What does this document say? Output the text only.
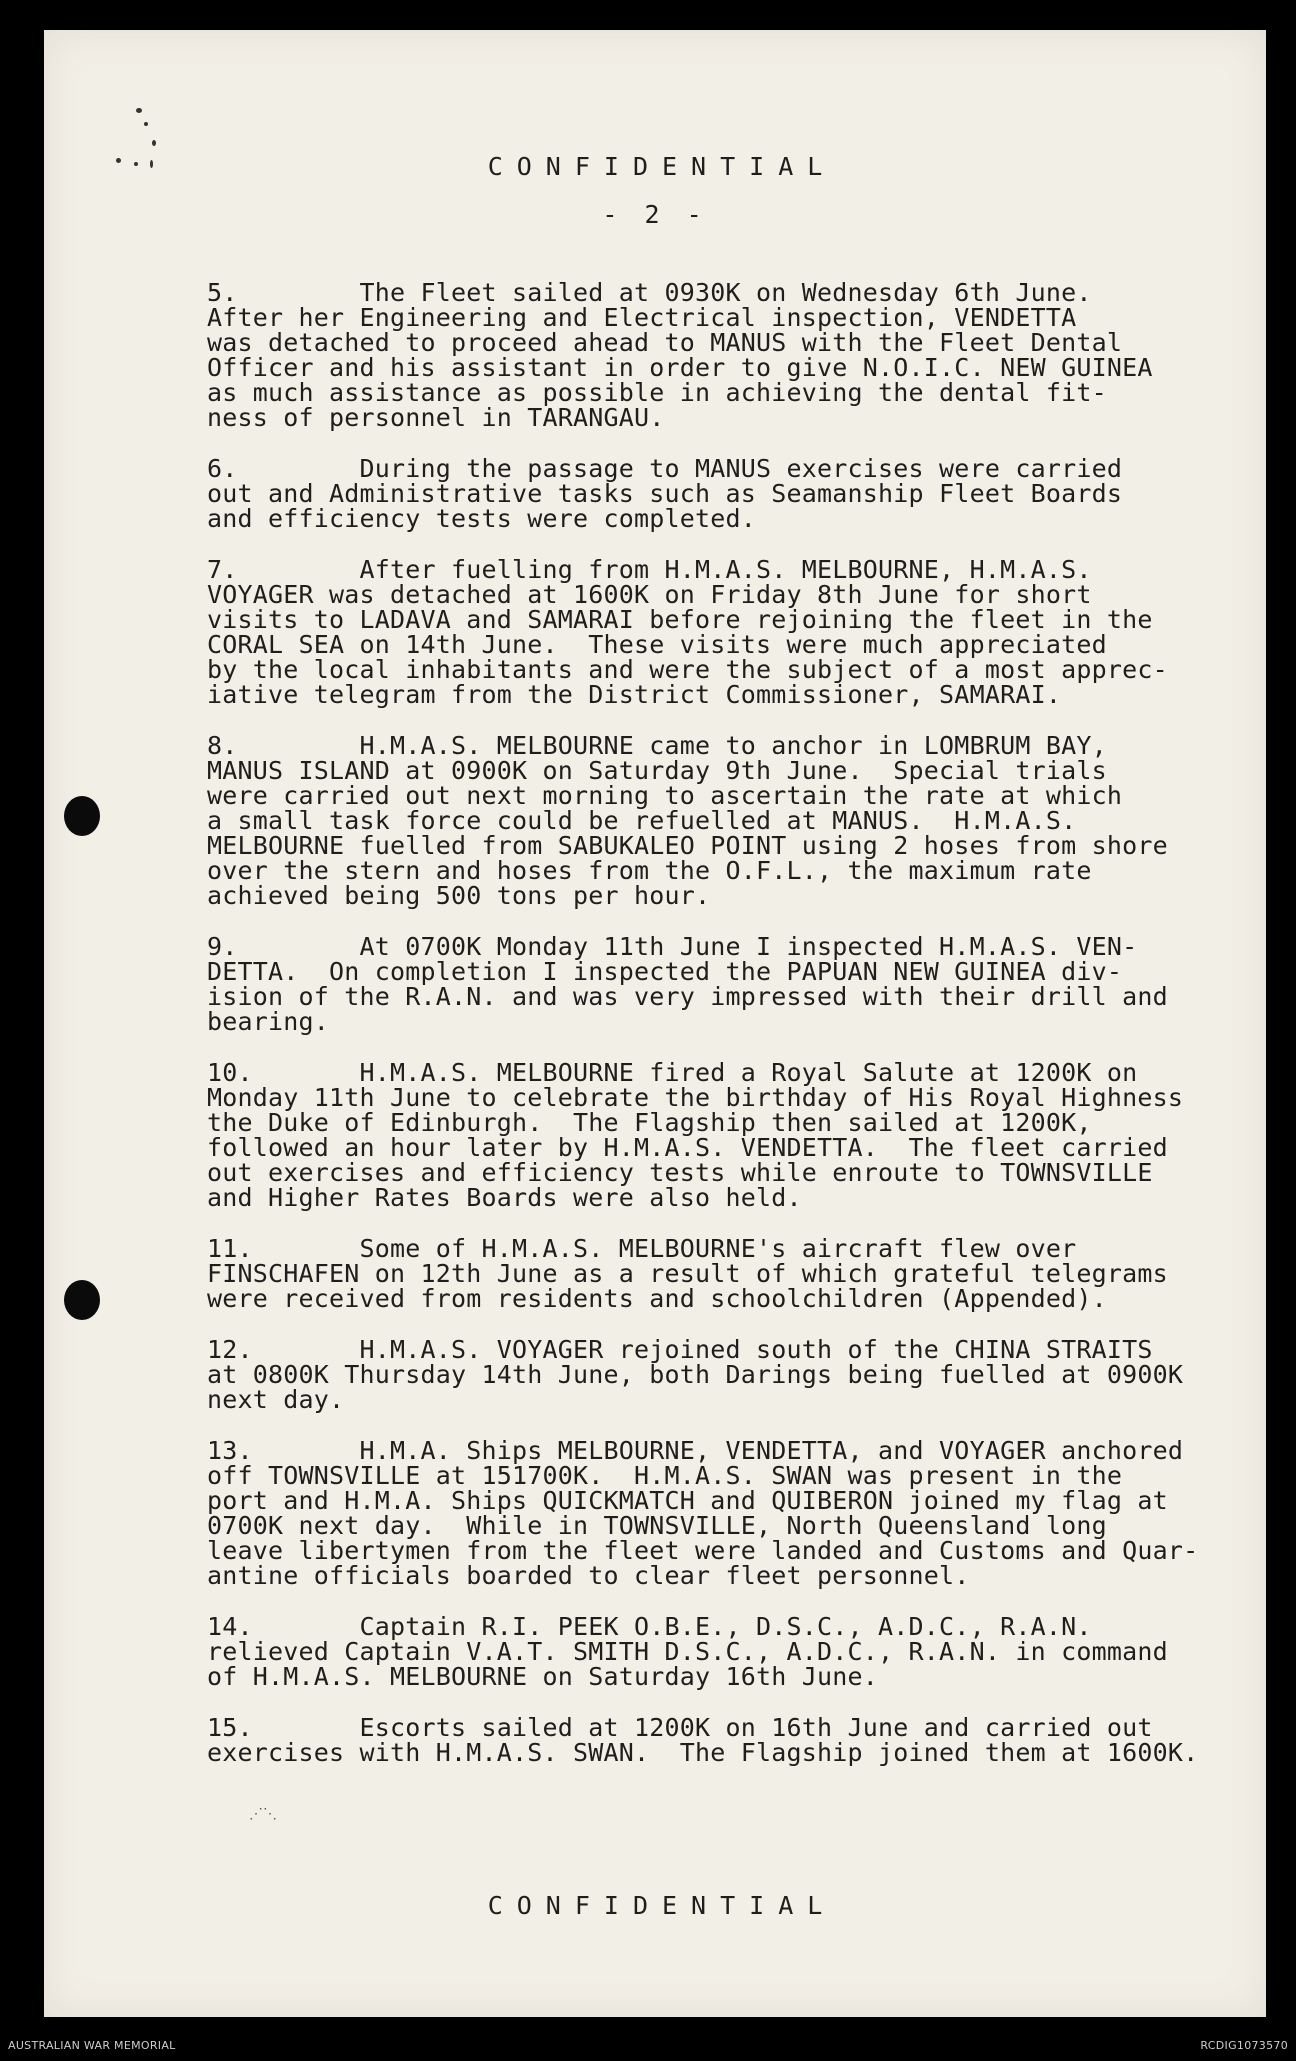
CONFIDENTIAL
- 2 -
5.        The Fleet sailed at 0930K on Wednesday 6th June.
After her Engineering and Electrical inspection, VENDETTA
was detached to proceed ahead to MANUS with the Fleet Dental
Officer and his assistant in order to give N.O.I.C. NEW GUINEA
as much assistance as possible in achieving the dental fit-
ness of personnel in TARANGAU.
6.        During the passage to MANUS exercises were carried
out and Administrative tasks such as Seamanship Fleet Boards
and efficiency tests were completed.
7.        After fuelling from H.M.A.S. MELBOURNE, H.M.A.S.
VOYAGER was detached at 1600K on Friday 8th June for short
visits to LADAVA and SAMARAI before rejoining the fleet in the
CORAL SEA on 14th June.  These visits were much appreciated
by the local inhabitants and were the subject of a most apprec-
iative telegram from the District Commissioner, SAMARAI.
8.        H.M.A.S. MELBOURNE came to anchor in LOMBRUM BAY,
MANUS ISLAND at 0900K on Saturday 9th June.  Special trials
were carried out next morning to ascertain the rate at which
a small task force could be refuelled at MANUS.  H.M.A.S.
MELBOURNE fuelled from SABUKALEO POINT using 2 hoses from shore
over the stern and hoses from the O.F.L., the maximum rate
achieved being 500 tons per hour.
9.        At 0700K Monday 11th June I inspected H.M.A.S. VEN-
DETTA.  On completion I inspected the PAPUAN NEW GUINEA div-
ision of the R.A.N. and was very impressed with their drill and
bearing.
10.       H.M.A.S. MELBOURNE fired a Royal Salute at 1200K on
Monday 11th June to celebrate the birthday of His Royal Highness
the Duke of Edinburgh.  The Flagship then sailed at 1200K,
followed an hour later by H.M.A.S. VENDETTA.  The fleet carried
out exercises and efficiency tests while enroute to TOWNSVILLE
and Higher Rates Boards were also held.
11.       Some of H.M.A.S. MELBOURNE's aircraft flew over
FINSCHAFEN on 12th June as a result of which grateful telegrams
were received from residents and schoolchildren (Appended).
12.       H.M.A.S. VOYAGER rejoined south of the CHINA STRAITS
at 0800K Thursday 14th June, both Darings being fuelled at 0900K
next day.
13.       H.M.A. Ships MELBOURNE, VENDETTA, and VOYAGER anchored
off TOWNSVILLE at 151700K.  H.M.A.S. SWAN was present in the
port and H.M.A. Ships QUICKMATCH and QUIBERON joined my flag at
0700K next day.  While in TOWNSVILLE, North Queensland long
leave libertymen from the fleet were landed and Customs and Quar-
antine officials boarded to clear fleet personnel.
14.       Captain R.I. PEEK O.B.E., D.S.C., A.D.C., R.A.N.
relieved Captain V.A.T. SMITH D.S.C., A.D.C., R.A.N. in command
of H.M.A.S. MELBOURNE on Saturday 16th June.
15.       Escorts sailed at 1200K on 16th June and carried out
exercises with H.M.A.S. SWAN.  The Flagship joined them at 1600K.
⋰⋱
CONFIDENTIAL
AUSTRALIAN WAR MEMORIAL	RCDIG1073570
